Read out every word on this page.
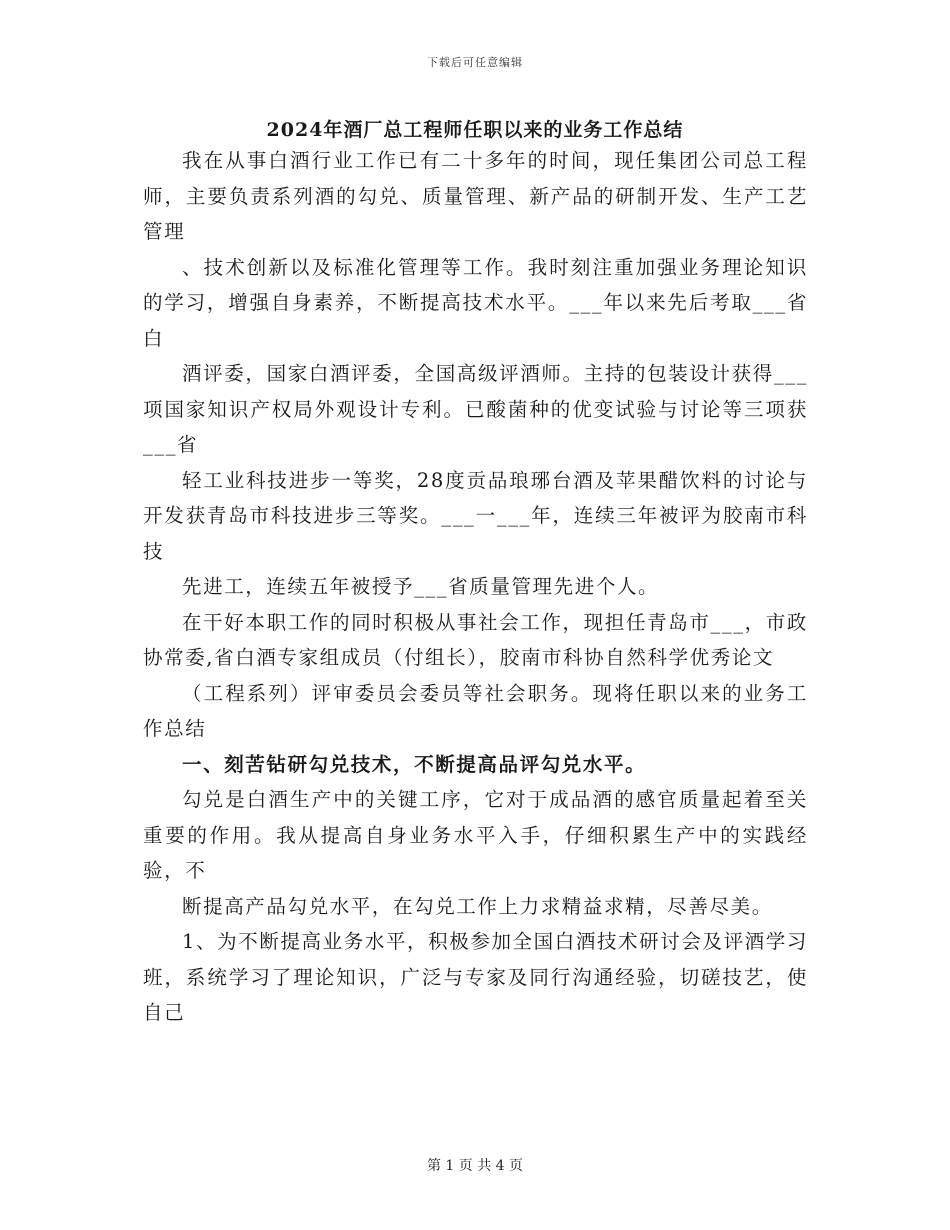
下载后可任意编辑
2024年酒厂总工程师任职以来的业务工作总结

我在从事白酒行业工作已有二十多年的时间，现任集团公司总工程师，主要负责系列酒的勾兑、质量管理、新产品的研制开发、生产工艺管理

、技术创新以及标准化管理等工作。我时刻注重加强业务理论知识的学习，增强自身素养，不断提高技术水平。___年以来先后考取___省白

酒评委，国家白酒评委，全国高级评酒师。主持的包装设计获得___项国家知识产权局外观设计专利。已酸菌种的优变试验与讨论等三项获___省

轻工业科技进步一等奖，28度贡品琅琊台酒及苹果醋饮料的讨论与开发获青岛市科技进步三等奖。___一___年，连续三年被评为胶南市科技

先进工，连续五年被授予___省质量管理先进个人。

在干好本职工作的同时积极从事社会工作，现担任青岛市___，市政协常委,省白酒专家组成员（付组长），胶南市科协自然科学优秀论文

（工程系列）评审委员会委员等社会职务。现将任职以来的业务工作总结

一、刻苦钻研勾兑技术，不断提高品评勾兑水平。

勾兑是白酒生产中的关键工序，它对于成品酒的感官质量起着至关重要的作用。我从提高自身业务水平入手，仔细积累生产中的实践经验，不

断提高产品勾兑水平，在勾兑工作上力求精益求精，尽善尽美。

1、为不断提高业务水平，积极参加全国白酒技术研讨会及评酒学习班，系统学习了理论知识，广泛与专家及同行沟通经验，切磋技艺，使自己

第 1 页 共 4 页
